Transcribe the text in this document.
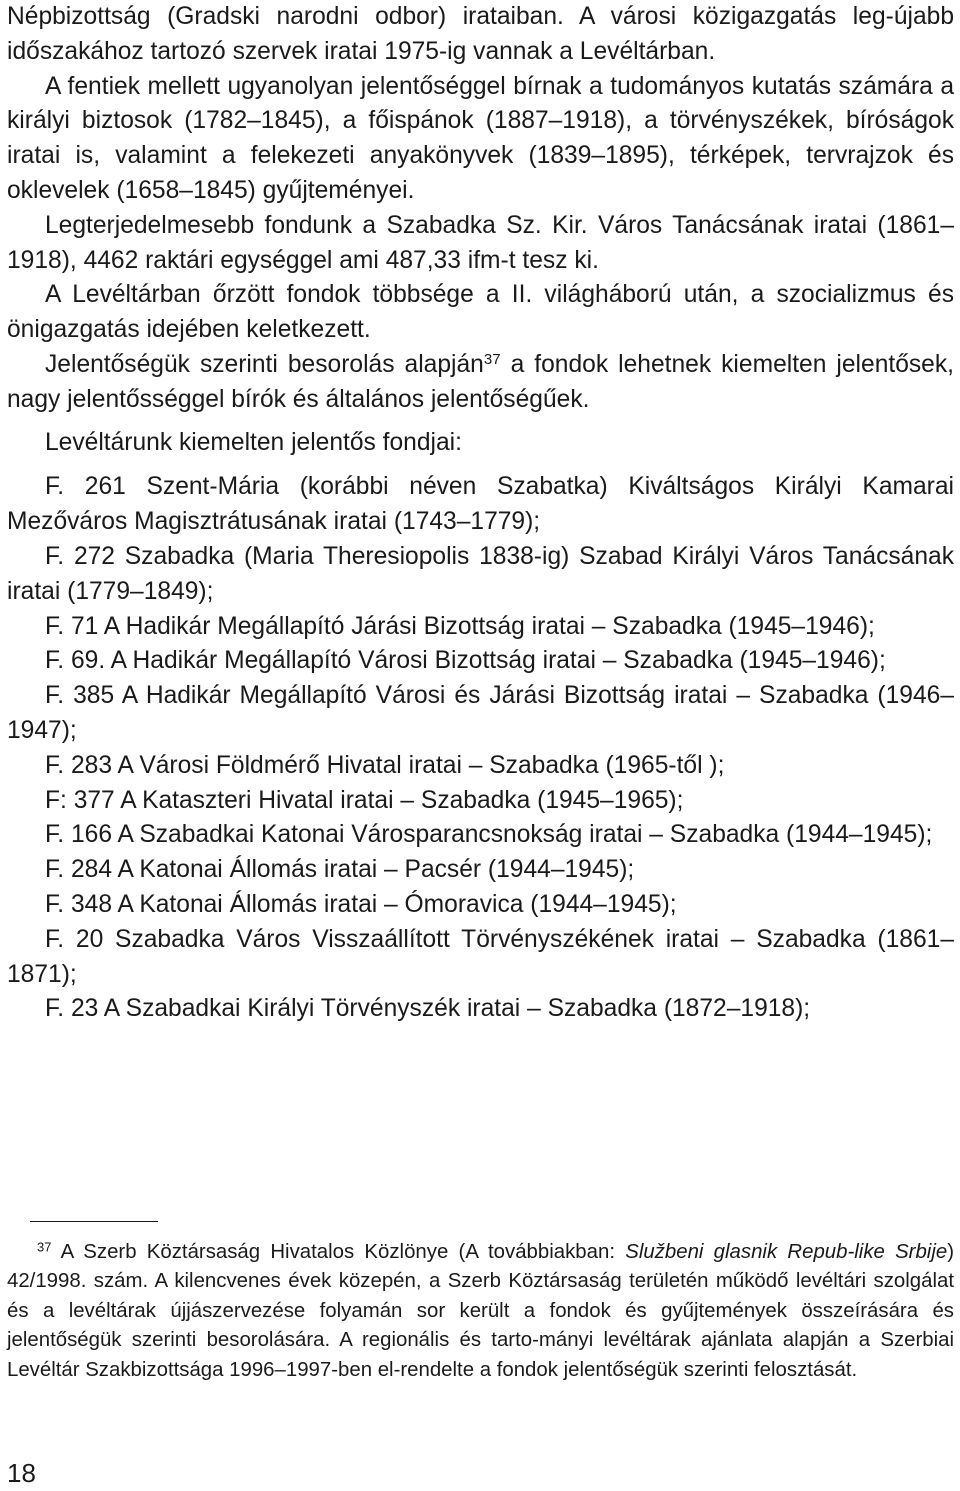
Népbizottság (Gradski narodni odbor) irataiban. A városi közigazgatás leg-újabb időszakához tartozó szervek iratai 1975-ig vannak a Levéltárban.

A fentiek mellett ugyanolyan jelentőséggel bírnak a tudományos kutatás számára a királyi biztosok (1782–1845), a főispánok (1887–1918), a törvényszékek, bíróságok iratai is, valamint a felekezeti anyakönyvek (1839–1895), térképek, tervrajzok és oklevelek (1658–1845) gyűjteményei.

Legterjedelmesebb fondunk a Szabadka Sz. Kir. Város Tanácsának iratai (1861–1918), 4462 raktári egységgel ami 487,33 ifm-t tesz ki.

A Levéltárban őrzött fondok többsége a II. világháború után, a szocializmus és önigazgatás idejében keletkezett.

Jelentőségük szerinti besorolás alapján$^{37}$ a fondok lehetnek kiemelten jelentősek, nagy jelentősséggel bírók és általános jelentőségűek.

Levéltárunk kiemelten jelentős fondjai:

F. 261 Szent-Mária (korábbi néven Szabatka) Kiváltságos Királyi Kamarai Mezőváros Magisztrátusának iratai (1743–1779);

F. 272 Szabadka (Maria Theresiopolis 1838-ig) Szabad Királyi Város Tanácsának iratai (1779–1849);

F. 71 A Hadikár Megállapító Járási Bizottság iratai – Szabadka (1945–1946);

F. 69. A Hadikár Megállapító Városi Bizottság iratai – Szabadka (1945–1946);

F. 385 A Hadikár Megállapító Városi és Járási Bizottság iratai – Szabadka (1946–1947);

F. 283 A Városi Földmérő Hivatal iratai – Szabadka (1965-től );

F: 377 A Kataszteri Hivatal iratai – Szabadka (1945–1965);

F. 166 A Szabadkai Katonai Városparancsnokság iratai – Szabadka (1944–1945);

F. 284 A Katonai Állomás iratai – Pacsér (1944–1945);

F. 348 A Katonai Állomás iratai – Ómoravica (1944–1945);

F. 20 Szabadka Város Visszaállított Törvényszékének iratai – Szabadka (1861–1871);

F. 23 A Szabadkai Királyi Törvényszék iratai – Szabadka (1872–1918);

$^{37}$ A Szerb Köztársaság Hivatalos Közlönye (A továbbiakban: Službeni glasnik Repub-like Srbije) 42/1998. szám. A kilencvenes évek közepén, a Szerb Köztársaság területén működő levéltári szolgálat és a levéltárak újjászervezése folyamán sor került a fondok és gyűjtemények összeírására és jelentőségük szerinti besorolására. A regionális és tarto-mányi levéltárak ajánlata alapján a Szerbiai Levéltár Szakbizottsága 1996–1997-ben el-rendelte a fondok jelentőségük szerinti felosztását.

18
